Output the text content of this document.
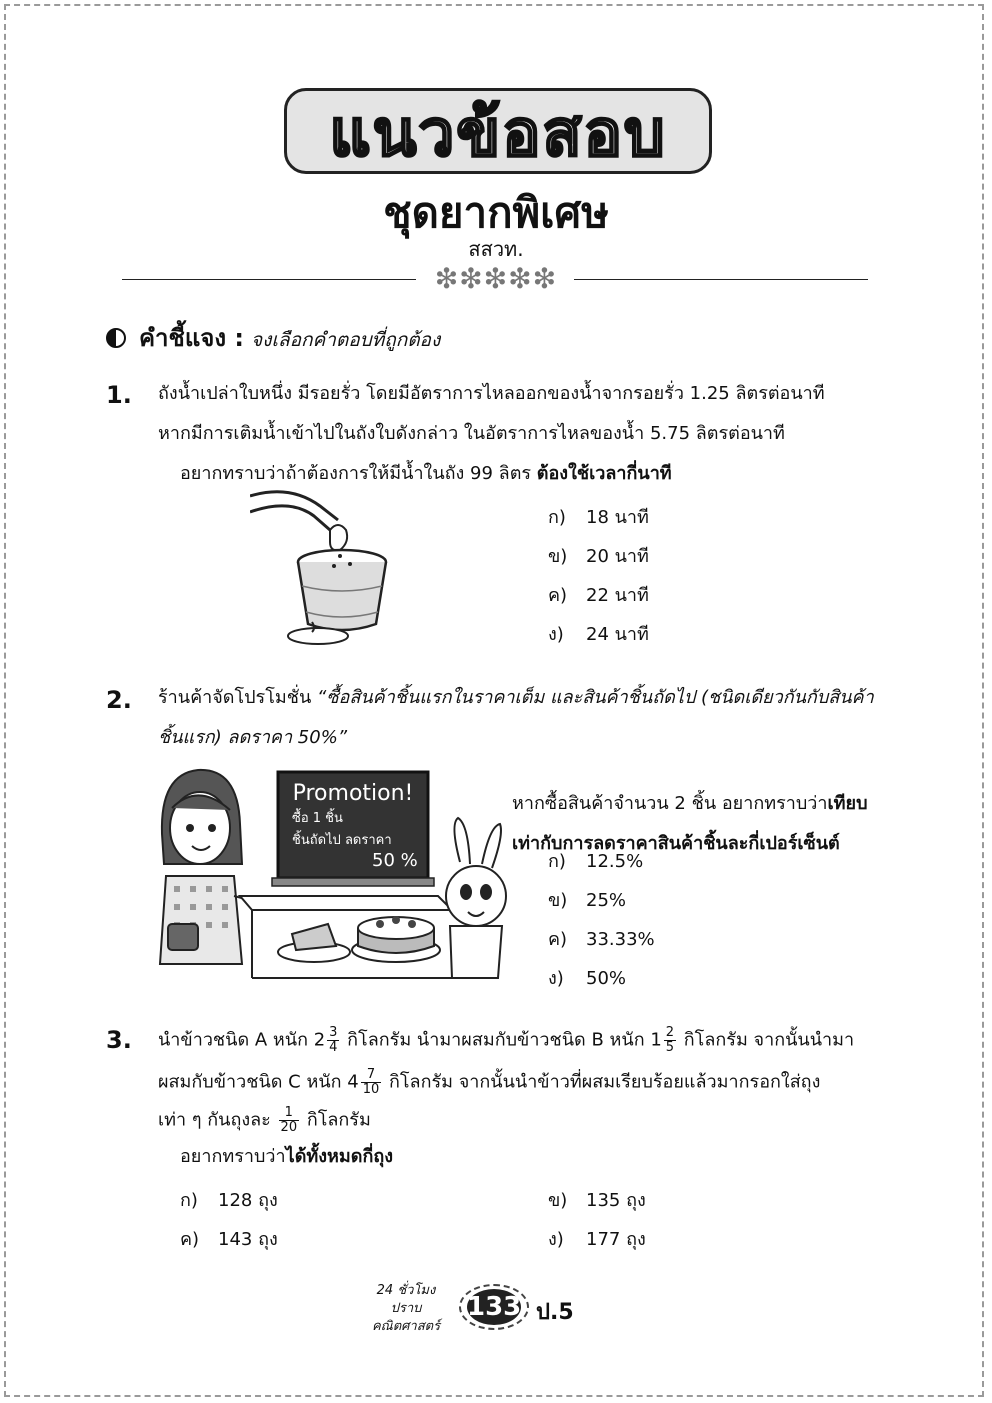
แนวข้อสอบ
ชุดยากพิเศษ
สสวท.
❇❇❇❇❇
คำชี้แจง : จงเลือกคำตอบที่ถูกต้อง
1. ถังน้ำเปล่าใบหนึ่ง มีรอยรั่ว โดยมีอัตราการไหลออกของน้ำจากรอยรั่ว 1.25 ลิตรต่อนาที
หากมีการเติมน้ำเข้าไปในถังใบดังกล่าว ในอัตราการไหลของน้ำ 5.75 ลิตรต่อนาที
อยากทราบว่าถ้าต้องการให้มีน้ำในถัง 99 ลิตร ต้องใช้เวลากี่นาที
ก) 18 นาที
ข) 20 นาที
ค) 22 นาที
ง) 24 นาที
2. ร้านค้าจัดโปรโมชั่น “ซื้อสินค้าชิ้นแรกในราคาเต็ม และสินค้าชิ้นถัดไป (ชนิดเดียวกันกับสินค้า
ชิ้นแรก) ลดราคา 50%”
Promotion!
ซื้อ 1 ชิ้น
ชิ้นถัดไป ลดราคา
50 %
หากซื้อสินค้าจำนวน 2 ชิ้น อยากทราบว่าเทียบ
เท่ากับการลดราคาสินค้าชิ้นละกี่เปอร์เซ็นต์
ก) 12.5%
ข) 25%
ค) 33.33%
ง) 50%
3. นำข้าวชนิด A หนัก $2 \frac{3}{4}$ กิโลกรัม นำมาผสมกับข้าวชนิด B หนัก $1 \frac{2}{5}$ กิโลกรัม จากนั้นนำมา
ผสมกับข้าวชนิด C หนัก $4 \frac{7}{10}$ กิโลกรัม จากนั้นนำข้าวที่ผสมเรียบร้อยแล้วมากรอกใส่ถุง
เท่า ๆ กันถุงละ $\frac{1}{20}$ กิโลกรัม
อยากทราบว่าได้ทั้งหมดกี่ถุง
ก) 128 ถุง	ข) 135 ถุง
ค) 143 ถุง	ง) 177 ถุง
24 ชั่วโมง
ปราบ
คณิตศาสตร์
133 ป.5
